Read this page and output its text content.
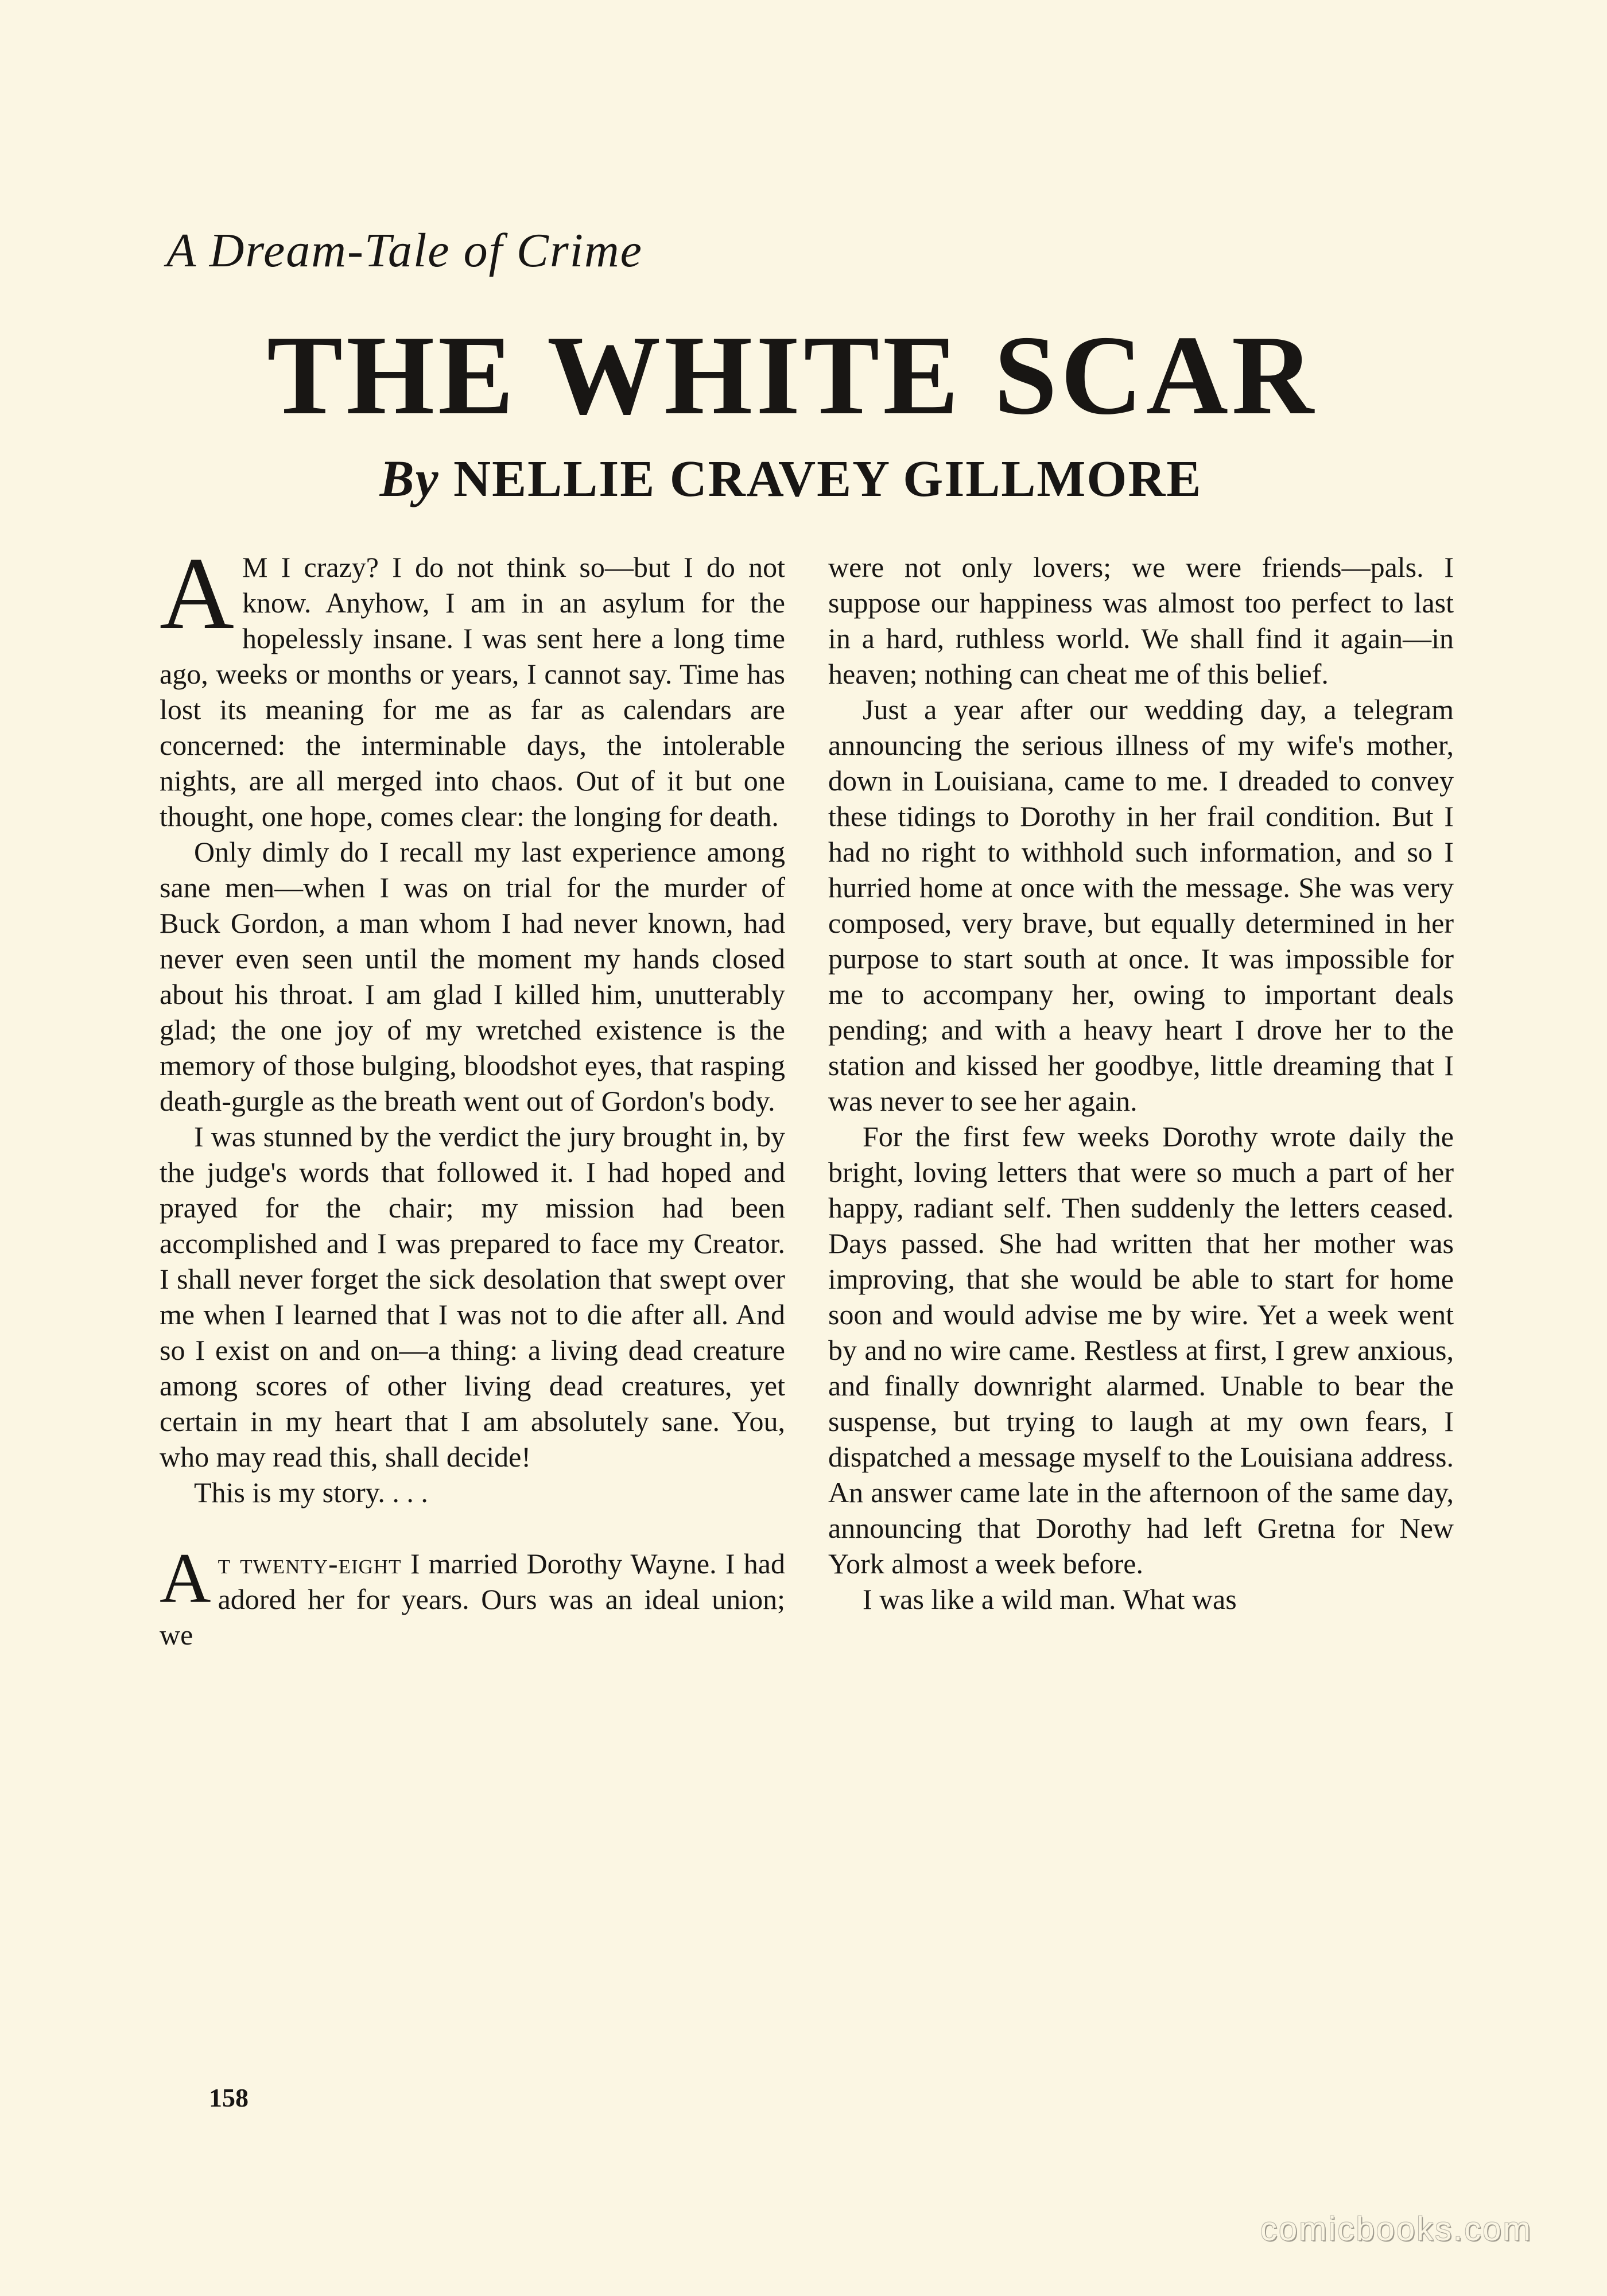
A Dream-Tale of Crime
THE WHITE SCAR
By NELLIE CRAVEY GILLMORE

A M I crazy? I do not think so—but I do not know. Anyhow, I am in an asylum for the hopelessly insane. I was sent here a long time ago, weeks or months or years, I cannot say. Time has lost its meaning for me as far as calendars are concerned: the interminable days, the intolerable nights, are all merged into chaos. Out of it but one thought, one hope, comes clear: the longing for death.

Only dimly do I recall my last experience among sane men—when I was on trial for the murder of Buck Gordon, a man whom I had never known, had never even seen until the moment my hands closed about his throat. I am glad I killed him, unutterably glad; the one joy of my wretched existence is the memory of those bulging, bloodshot eyes, that rasping death-gurgle as the breath went out of Gordon's body.

I was stunned by the verdict the jury brought in, by the judge's words that followed it. I had hoped and prayed for the chair; my mission had been accomplished and I was prepared to face my Creator. I shall never forget the sick desolation that swept over me when I learned that I was not to die after all. And so I exist on and on—a thing: a living dead creature among scores of other living dead creatures, yet certain in my heart that I am absolutely sane. You, who may read this, shall decide!

This is my story. . . .

At twenty-eight I married Dorothy Wayne. I had adored her for years. Ours was an ideal union; we

were not only lovers; we were friends—pals. I suppose our happiness was almost too perfect to last in a hard, ruthless world. We shall find it again—in heaven; nothing can cheat me of this belief.

Just a year after our wedding day, a telegram announcing the serious illness of my wife's mother, down in Louisiana, came to me. I dreaded to convey these tidings to Dorothy in her frail condition. But I had no right to withhold such information, and so I hurried home at once with the message. She was very composed, very brave, but equally determined in her purpose to start south at once. It was impossible for me to accompany her, owing to important deals pending; and with a heavy heart I drove her to the station and kissed her goodbye, little dreaming that I was never to see her again.

For the first few weeks Dorothy wrote daily the bright, loving letters that were so much a part of her happy, radiant self. Then suddenly the letters ceased. Days passed. She had written that her mother was improving, that she would be able to start for home soon and would advise me by wire. Yet a week went by and no wire came. Restless at first, I grew anxious, and finally downright alarmed. Unable to bear the suspense, but trying to laugh at my own fears, I dispatched a message myself to the Louisiana address. An answer came late in the afternoon of the same day, announcing that Dorothy had left Gretna for New York almost a week before.

I was like a wild man. What was

158
comicbooks.com
